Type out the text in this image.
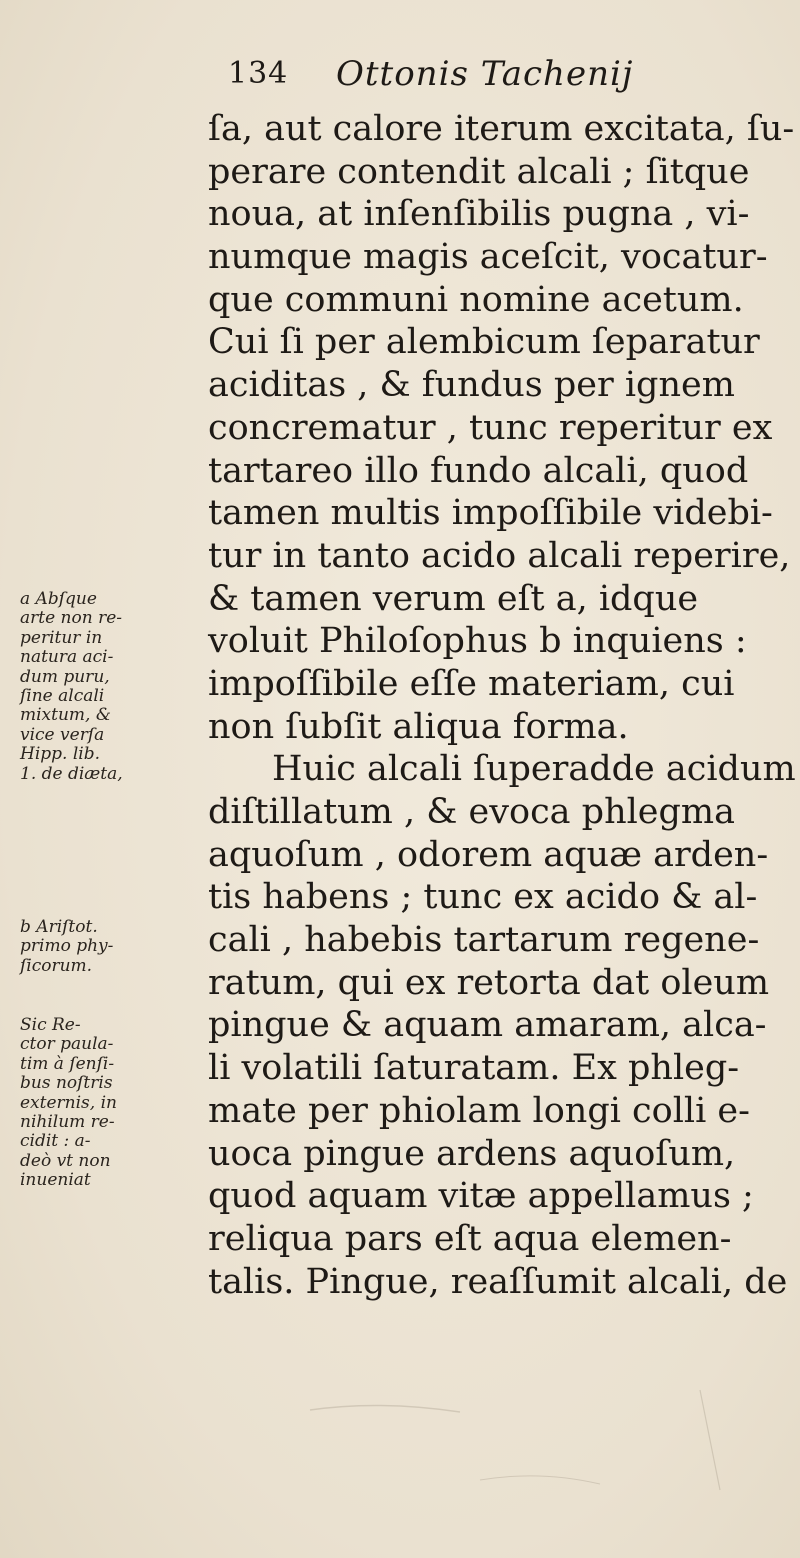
134 Ottonis Tachenij
ſa, aut calore iterum excitata, ſu-
perare contendit alcali ; ſitque
noua, at inſenſibilis pugna , vi-
numque magis aceſcit, vocatur-
que communi nomine acetum.
Cui ſi per alembicum ſeparatur
aciditas , & fundus per ignem
concrematur , tunc reperitur ex
tartareo illo fundo alcali, quod
tamen multis impoſſibile videbi-
tur in tanto acido alcali reperire,
& tamen verum eſt a, idque
voluit Philoſophus b inquiens :
impoſſibile eſſe materiam, cui
non ſubſit aliqua forma.
Huic alcali ſuperadde acidum
diſtillatum , & evoca phlegma
aquoſum , odorem aquæ arden-
tis habens ; tunc ex acido & al-
cali , habebis tartarum regene-
ratum, qui ex retorta dat oleum
pingue & aquam amaram, alca-
li volatili ſaturatam. Ex phleg-
mate per phiolam longi colli e-
uoca pingue ardens aquoſum,
quod aquam vitæ appellamus ;
reliqua pars eſt aqua elemen-
talis. Pingue, reaſſumit alcali, de
a Abſque
arte non re-
peritur in
natura aci-
dum puru,
ſine alcali
mixtum, &
vice verſa
Hipp. lib.
1. de diæta,
b Ariſtot.
primo phy-
ſicorum.
Sic Re-
ctor paula-
tim à ſenſi-
bus noſtris
externis, in
nihilum re-
cidit : a-
deò vt non
inueniat
